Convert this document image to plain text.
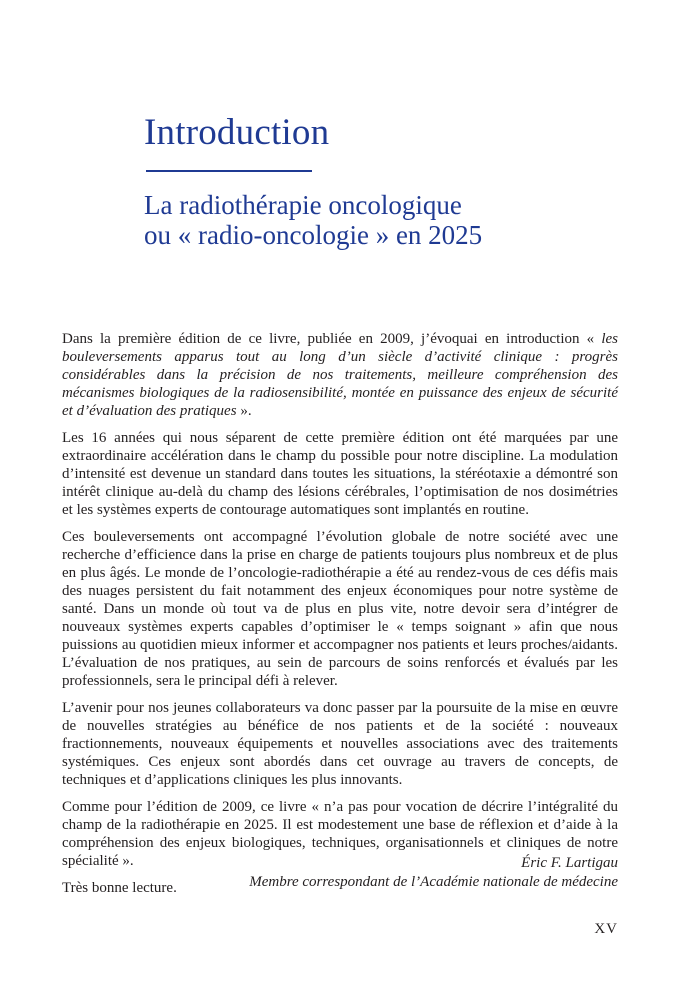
Introduction
La radiothérapie oncologique
ou « radio-oncologie » en 2025

Dans la première édition de ce livre, publiée en 2009, j’évoquai en introduction « les bouleversements apparus tout au long d’un siècle d’activité clinique : progrès considérables dans la précision de nos traitements, meilleure compréhension des mécanismes biologiques de la radiosensibilité, montée en puissance des enjeux de sécurité et d’évaluation des pratiques ».

Les 16 années qui nous séparent de cette première édition ont été marquées par une extraordinaire accélération dans le champ du possible pour notre discipline. La modulation d’intensité est devenue un standard dans toutes les situations, la stéréotaxie a démontré son intérêt clinique au-delà du champ des lésions cérébrales, l’optimisation de nos dosimétries et les systèmes experts de contourage automatiques sont implantés en routine.

Ces bouleversements ont accompagné l’évolution globale de notre société avec une recherche d’efficience dans la prise en charge de patients toujours plus nombreux et de plus en plus âgés. Le monde de l’oncologie-radiothérapie a été au rendez-vous de ces défis mais des nuages persistent du fait notamment des enjeux économiques pour notre système de santé. Dans un monde où tout va de plus en plus vite, notre devoir sera d’intégrer de nouveaux systèmes experts capables d’optimiser le « temps soignant » afin que nous puissions au quotidien mieux informer et accompagner nos patients et leurs proches/aidants. L’évaluation de nos pratiques, au sein de parcours de soins renforcés et évalués par les professionnels, sera le principal défi à relever.

L’avenir pour nos jeunes collaborateurs va donc passer par la poursuite de la mise en œuvre de nouvelles stratégies au bénéfice de nos patients et de la société : nouveaux fractionnements, nouveaux équipements et nouvelles associations avec des traitements systémiques. Ces enjeux sont abordés dans cet ouvrage au travers de concepts, de techniques et d’applications cliniques les plus innovants.

Comme pour l’édition de 2009, ce livre « n’a pas pour vocation de décrire l’intégralité du champ de la radiothérapie en 2025. Il est modestement une base de réflexion et d’aide à la compréhension des enjeux biologiques, techniques, organisationnels et cliniques de notre spécialité ».

Très bonne lecture.

Éric F. Lartigau
Membre correspondant de l’Académie nationale de médecine
XV
